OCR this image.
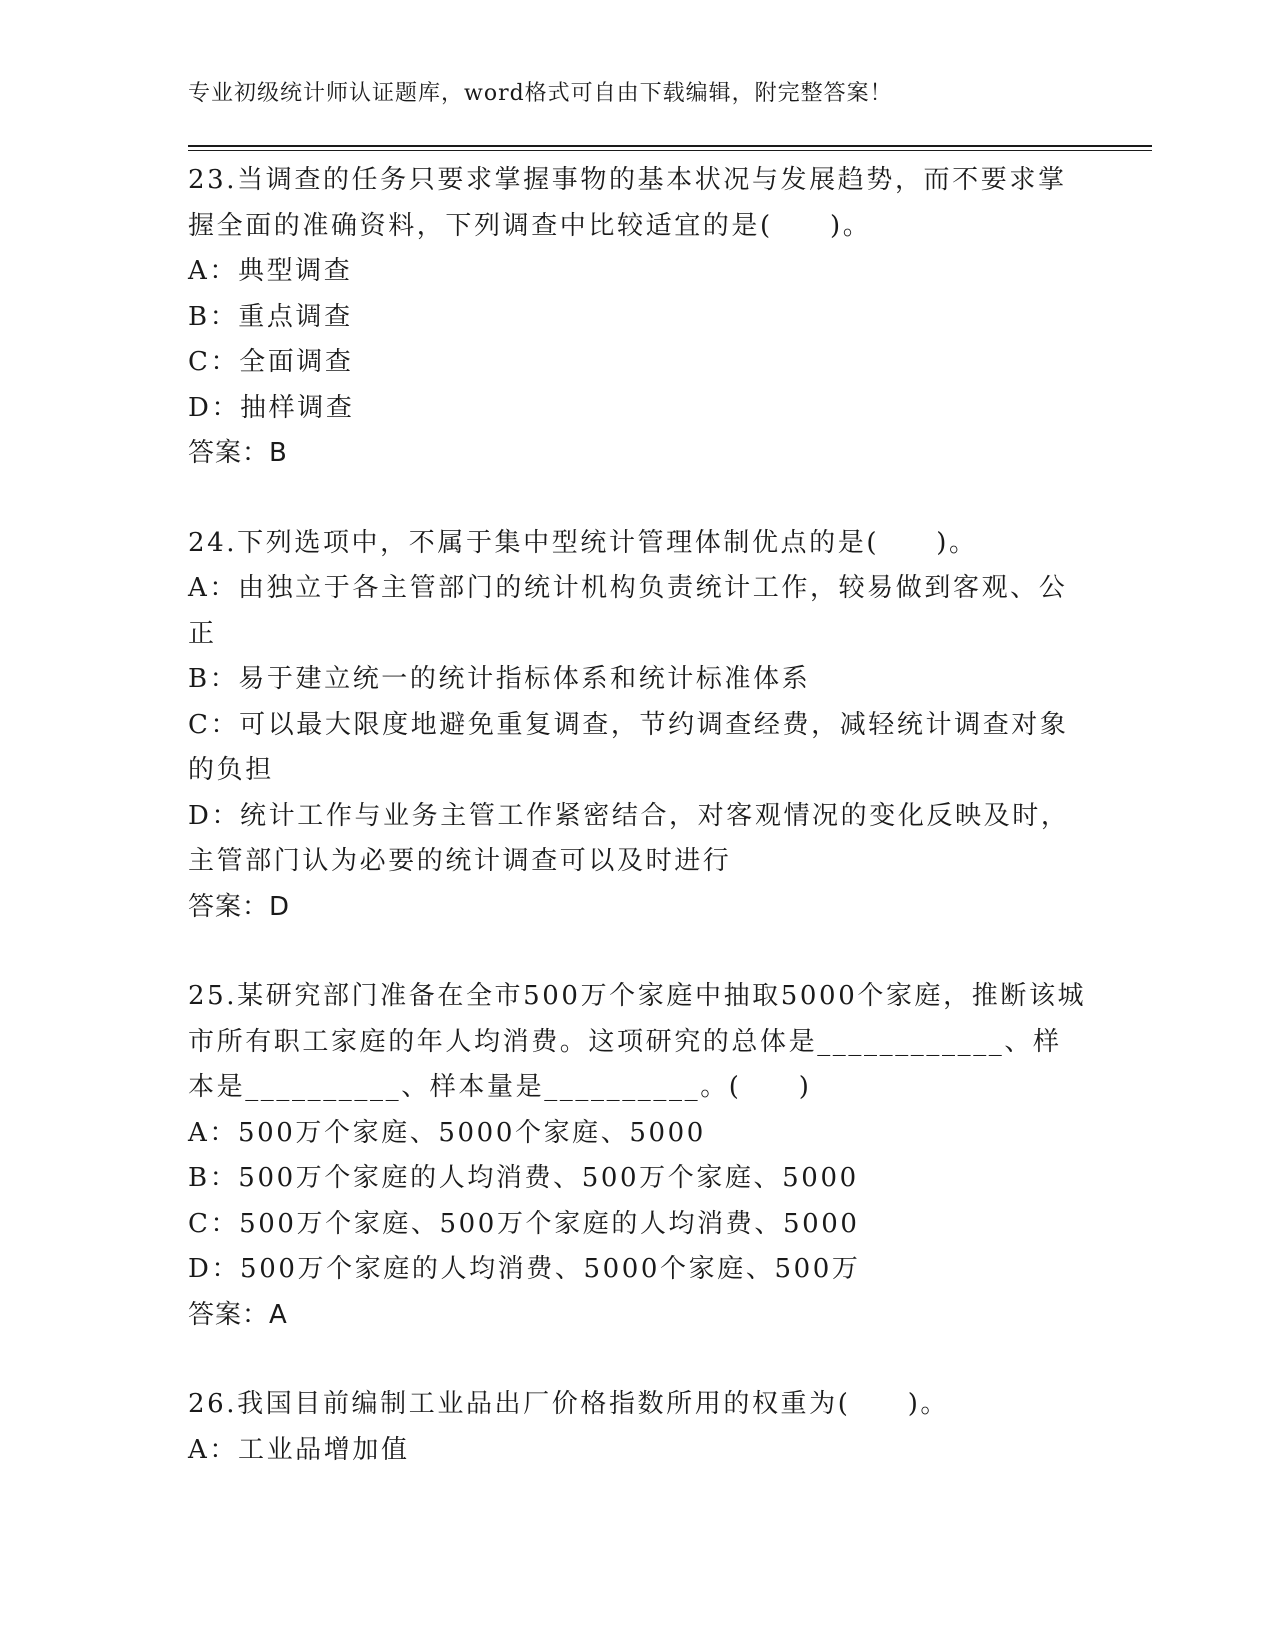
专业初级统计师认证题库，word格式可自由下载编辑，附完整答案！
23.当调查的任务只要求掌握事物的基本状况与发展趋势，而不要求掌握全面的准确资料，下列调查中比较适宜的是(　　)。
A：典型调查
B：重点调查
C：全面调查
D：抽样调查
答案：B
24.下列选项中，不属于集中型统计管理体制优点的是(　　)。
A：由独立于各主管部门的统计机构负责统计工作，较易做到客观、公正
B：易于建立统一的统计指标体系和统计标准体系
C：可以最大限度地避免重复调查，节约调查经费，减轻统计调查对象的负担
D：统计工作与业务主管工作紧密结合，对客观情况的变化反映及时，主管部门认为必要的统计调查可以及时进行
答案：D
25.某研究部门准备在全市500万个家庭中抽取5000个家庭，推断该城市所有职工家庭的年人均消费。这项研究的总体是____________、样本是__________、样本量是__________。(　　)
A：500万个家庭、5000个家庭、5000
B：500万个家庭的人均消费、500万个家庭、5000
C：500万个家庭、500万个家庭的人均消费、5000
D：500万个家庭的人均消费、5000个家庭、500万
答案：A
26.我国目前编制工业品出厂价格指数所用的权重为(　　)。
A：工业品增加值
